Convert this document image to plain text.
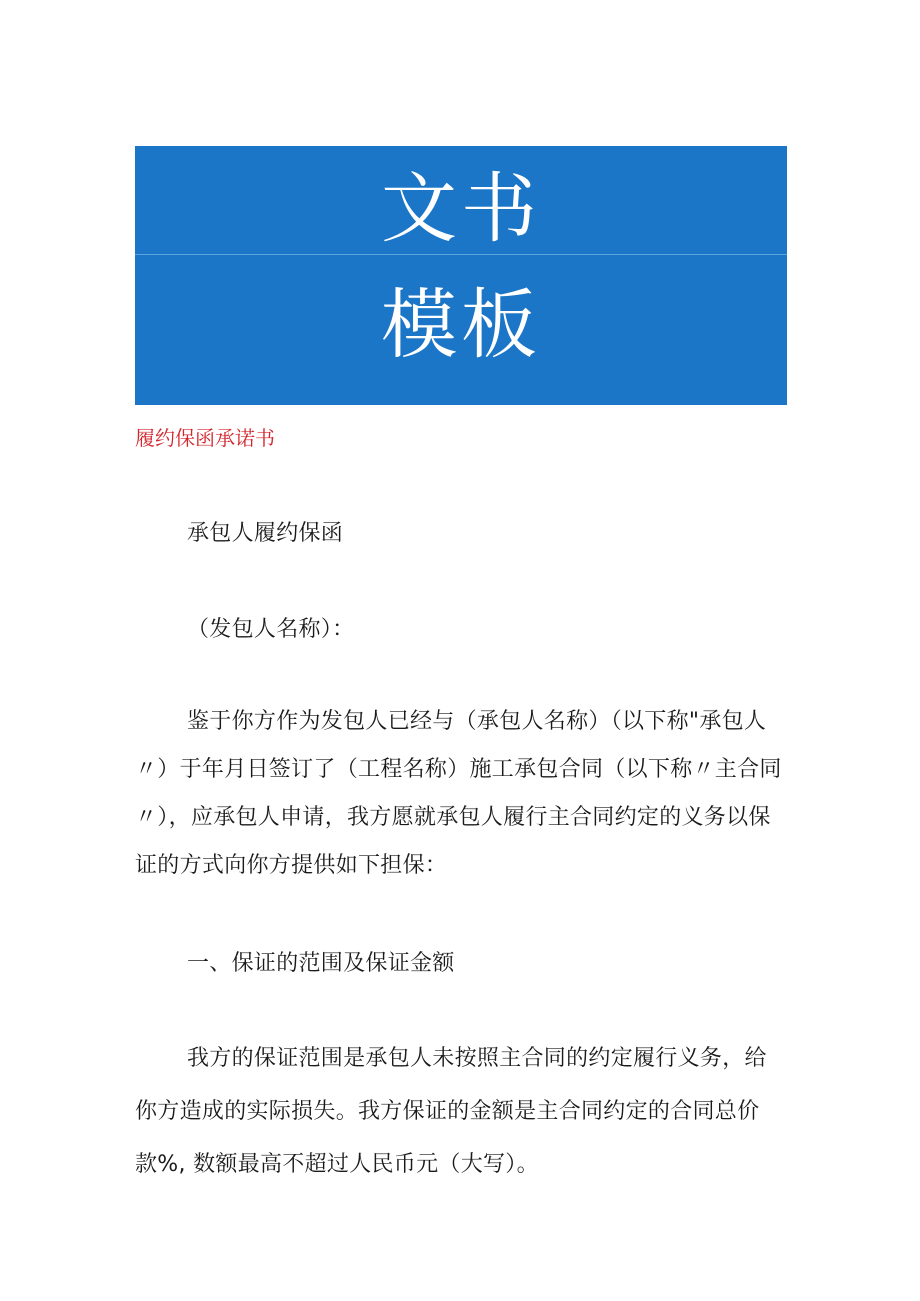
文书
模板
履约保函承诺书
承包人履约保函
（发包人名称）：
鉴于你方作为发包人已经与（承包人名称）（以下称"承包人〃）于年月日签订了（工程名称）施工承包合同（以下称〃主合同〃），应承包人申请，我方愿就承包人履行主合同约定的义务以保证的方式向你方提供如下担保：
一、保证的范围及保证金额
我方的保证范围是承包人未按照主合同的约定履行义务，给你方造成的实际损失。我方保证的金额是主合同约定的合同总价款%, 数额最高不超过人民币元（大写）。
